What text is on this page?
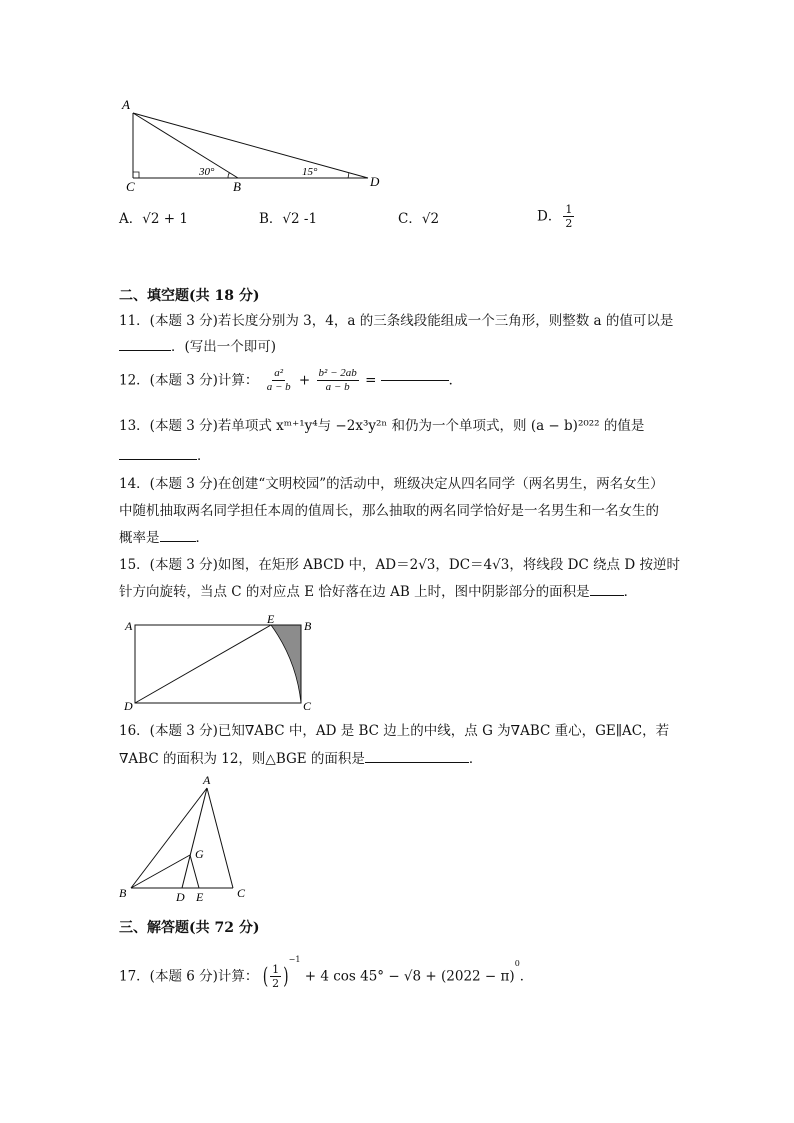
A
C	B	D
30°	15°
A．√2 + 1	B．√2 -1	C．√2	D． $\frac{1}{2}$
二、填空题(共 18 分)
11．(本题 3 分)若长度分别为 3，4，a 的三条线段能组成一个三角形，则整数 a 的值可以是
．(写出一个即可)
12．(本题 3 分)计算： $\frac{\text{a²}}{a - b} + \frac{\text{b² − 2ab}}{a - b}$ =	．
13．(本题 3 分)若单项式 xᵐ⁺¹y⁴与 −2x³y²ⁿ 和仍为一个单项式，则 (a − b)²⁰²² 的值是
．
14．(本题 3 分)在创建“文明校园”的活动中，班级决定从四名同学（两名男生，两名女生）
中随机抽取两名同学担任本周的值周长，那么抽取的两名同学恰好是一名男生和一名女生的
概率是	．
15．(本题 3 分)如图，在矩形 ABCD 中，AD＝2√3，DC＝4√3，将线段 DC 绕点 D 按逆时
针方向旋转，当点 C 的对应点 E 恰好落在边 AB 上时，图中阴影部分的面积是	．
A	E B
D	C
16．(本题 3 分)已知∇ABC 中，AD 是 BC 边上的中线，点 G 为∇ABC 重心，GE∥AC，若
∇ABC 的面积为 12，则△BGE 的面积是	．
A
G
B	D E	C
三、解答题(共 72 分)
17．(本题 6 分)计算： ( $\frac{1}{2} )^{-1} + 4$ $\cos 45^\circ - √8 + (2022 - \pi)^0$．
